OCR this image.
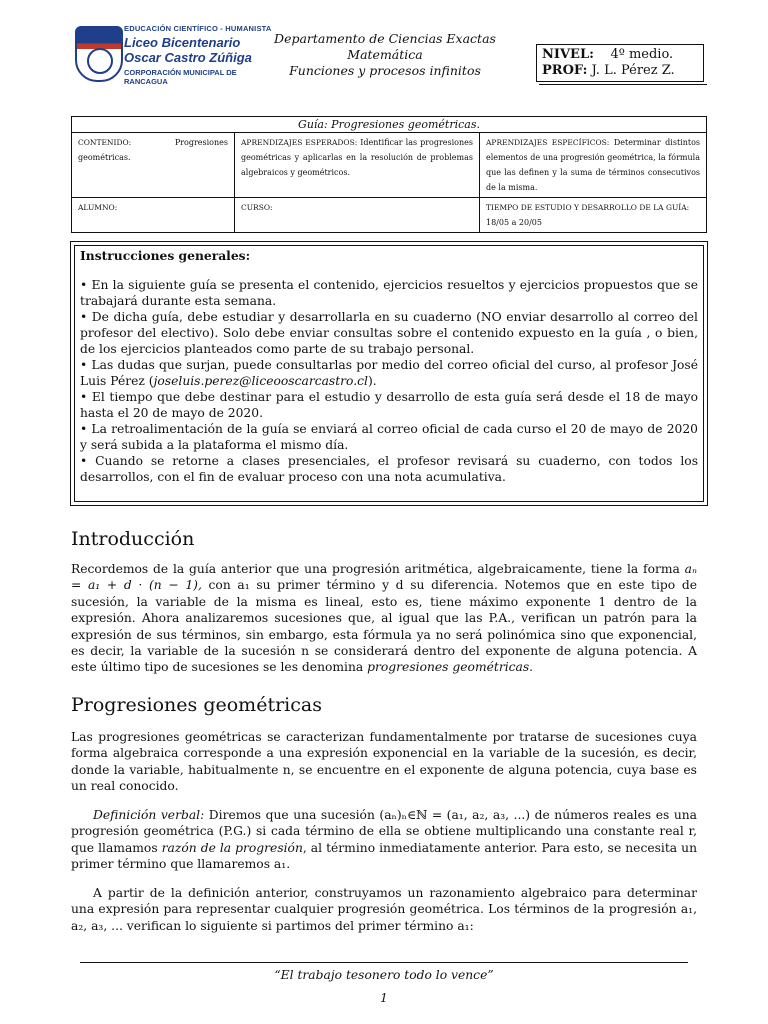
EDUCACIÓN CIENTÍFICO - HUMANISTA
Liceo Bicentenario
Oscar Castro Zúñiga
CORPORACIÓN MUNICIPAL DE RANCAGUA
Departamento de Ciencias Exactas
Matemática
Funciones y procesos infinitos
NIVEL: 4º medio.
PROF: J. L. Pérez Z.
Guía: Progresiones geométricas.		
CONTENIDO: Progresiones geométricas.	APRENDIZAJES ESPERADOS: Identificar las progresiones geométricas y aplicarlas en la resolución de problemas algebraicos y geométricos.	APRENDIZAJES ESPECÍFICOS: Determinar distintos elementos de una progresión geométrica, la fórmula que las definen y la suma de términos consecutivos de la misma.
ALUMNO:	CURSO:	TIEMPO DE ESTUDIO Y DESARROLLO DE LA GUÍA: 18/05 a 20/05
Instrucciones generales:

• En la siguiente guía se presenta el contenido, ejercicios resueltos y ejercicios propuestos que se trabajará durante esta semana.

• De dicha guía, debe estudiar y desarrollarla en su cuaderno (NO enviar desarrollo al correo del profesor del electivo). Solo debe enviar consultas sobre el contenido expuesto en la guía , o bien, de los ejercicios planteados como parte de su trabajo personal.

• Las dudas que surjan, puede consultarlas por medio del correo oficial del curso, al profesor José Luis Pérez (joseluis.perez@liceooscarcastro.cl).

• El tiempo que debe destinar para el estudio y desarrollo de esta guía será desde el 18 de mayo hasta el 20 de mayo de 2020.

• La retroalimentación de la guía se enviará al correo oficial de cada curso el 20 de mayo de 2020 y será subida a la plataforma el mismo día.

• Cuando se retorne a clases presenciales, el profesor revisará su cuaderno, con todos los desarrollos, con el fin de evaluar proceso con una nota acumulativa.

Introducción

Recordemos de la guía anterior que una progresión aritmética, algebraicamente, tiene la forma aₙ = a₁ + d · (n − 1), con a₁ su primer término y d su diferencia. Notemos que en este tipo de sucesión, la variable de la misma es lineal, esto es, tiene máximo exponente 1 dentro de la expresión. Ahora analizaremos sucesiones que, al igual que las P.A., verifican un patrón para la expresión de sus términos, sin embargo, esta fórmula ya no será polinómica sino que exponencial, es decir, la variable de la sucesión n se considerará dentro del exponente de alguna potencia. A este último tipo de sucesiones se les denomina progresiones geométricas.

Progresiones geométricas

Las progresiones geométricas se caracterizan fundamentalmente por tratarse de sucesiones cuya forma algebraica corresponde a una expresión exponencial en la variable de la sucesión, es decir, donde la variable, habitualmente n, se encuentre en el exponente de alguna potencia, cuya base es un real conocido.

Definición verbal: Diremos que una sucesión (aₙ)ₙ∈ℕ = (a₁, a₂, a₃, ...) de números reales es una progresión geométrica (P.G.) si cada término de ella se obtiene multiplicando una constante real r, que llamamos razón de la progresión, al término inmediatamente anterior. Para esto, se necesita un primer término que llamaremos a₁.

A partir de la definición anterior, construyamos un razonamiento algebraico para determinar una expresión para representar cualquier progresión geométrica. Los términos de la progresión a₁, a₂, a₃, ... verifican lo siguiente si partimos del primer término a₁:

“El trabajo tesonero todo lo vence”
1
